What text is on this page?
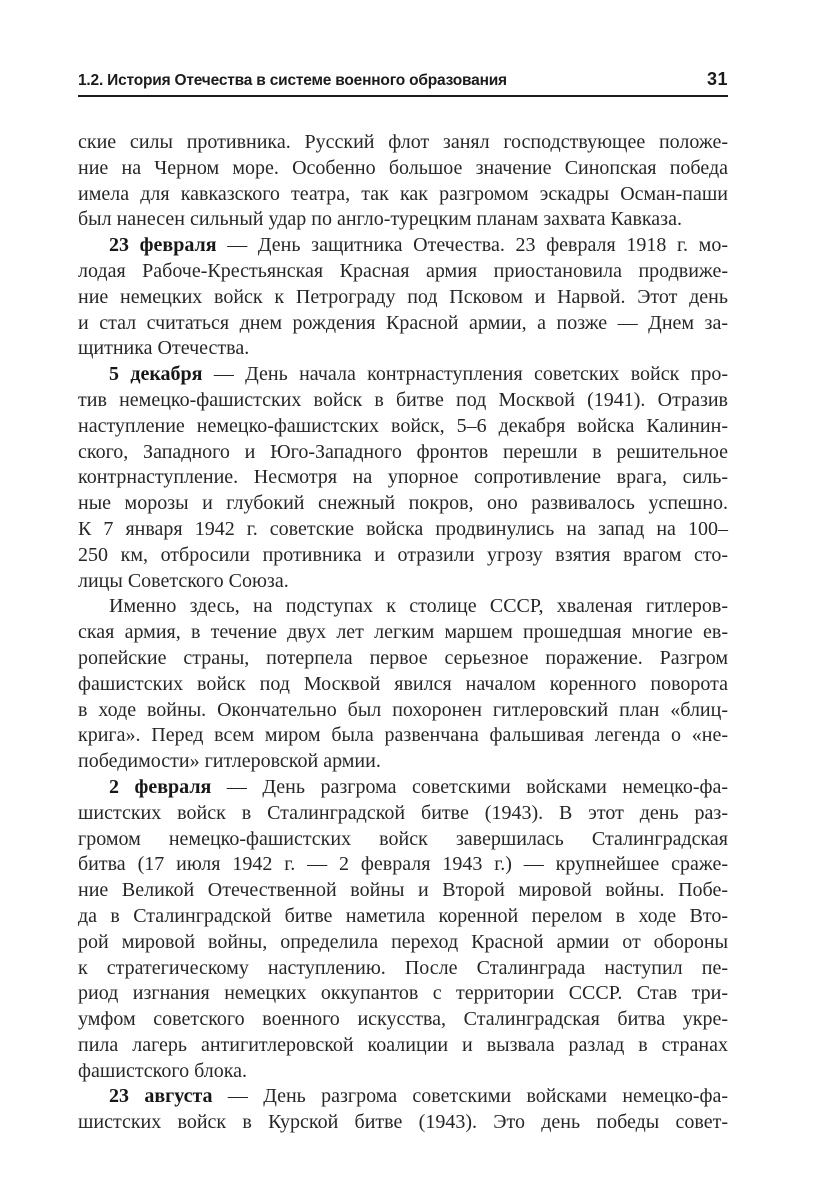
1.2. История Отечества в системе военного образования	31

ские силы противника. Русский флот занял господствующее положе-
ние на Черном море. Особенно большое значение Синопская победа
имела для кавказского театра, так как разгромом эскадры Осман-паши
был нанесен сильный удар по англо-турецким планам захвата Кавказа.

23 февраля — День защитника Отечества. 23 февраля 1918 г. мо-
лодая Рабоче-Крестьянская Красная армия приостановила продвиже-
ние немецких войск к Петрограду под Псковом и Нарвой. Этот день
и стал считаться днем рождения Красной армии, а позже — Днем за-
щитника Отечества.

5 декабря — День начала контрнаступления советских войск про-
тив немецко-фашистских войск в битве под Москвой (1941). Отразив
наступление немецко-фашистских войск, 5–6 декабря войска Калинин-
ского, Западного и Юго-Западного фронтов перешли в решительное
контрнаступление. Несмотря на упорное сопротивление врага, силь-
ные морозы и глубокий снежный покров, оно развивалось успешно.
К 7 января 1942 г. советские войска продвинулись на запад на 100–
250 км, отбросили противника и отразили угрозу взятия врагом сто-
лицы Советского Союза.

Именно здесь, на подступах к столице СССР, хваленая гитлеров-
ская армия, в течение двух лет легким маршем прошедшая многие ев-
ропейские страны, потерпела первое серьезное поражение. Разгром
фашистских войск под Москвой явился началом коренного поворота
в ходе войны. Окончательно был похоронен гитлеровский план «блиц-
крига». Перед всем миром была развенчана фальшивая легенда о «не-
победимости» гитлеровской армии.

2 февраля — День разгрома советскими войсками немецко-фа-
шистских войск в Сталинградской битве (1943). В этот день раз-
громом немецко-фашистских войск завершилась Сталинградская
битва (17 июля 1942 г. — 2 февраля 1943 г.) — крупнейшее сраже-
ние Великой Отечественной войны и Второй мировой войны. Побе-
да в Сталинградской битве наметила коренной перелом в ходе Вто-
рой мировой войны, определила переход Красной армии от обороны
к стратегическому наступлению. После Сталинграда наступил пе-
риод изгнания немецких оккупантов с территории СССР. Став три-
умфом советского военного искусства, Сталинградская битва укре-
пила лагерь антигитлеровской коалиции и вызвала разлад в странах
фашистского блока.

23 августа — День разгрома советскими войсками немецко-фа-
шистских войск в Курской битве (1943). Это день победы совет-
